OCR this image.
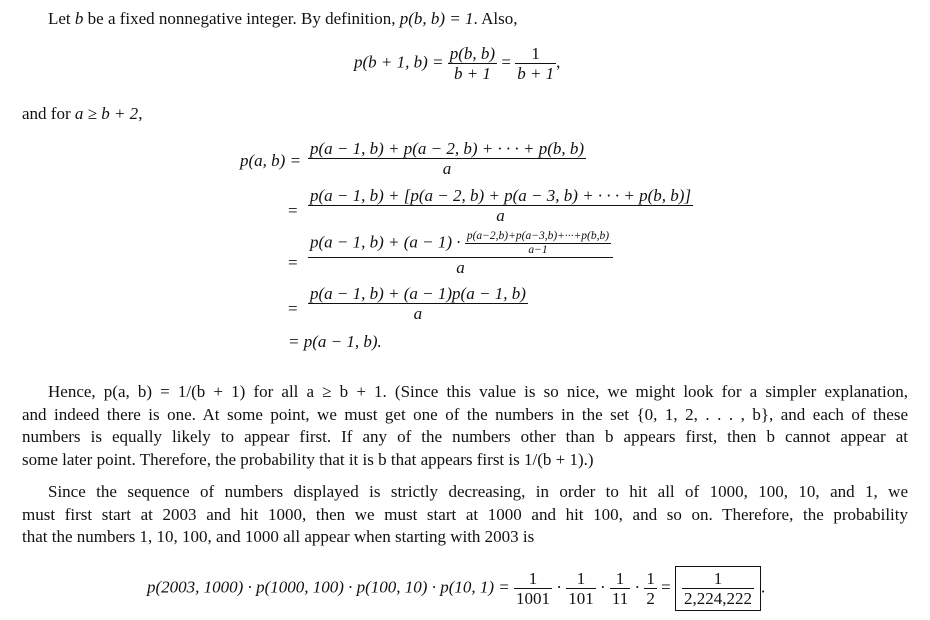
Let b be a fixed nonnegative integer. By definition, p(b, b) = 1. Also,
p(b + 1, $b) = \frac{p(b, b)}{b + 1} = \frac{1}{b + 1}$ ,
and for a ≥ b + 2,
p(a, $b) = \frac{p(a - 1, b) + p(a - 2, b) + \cdot \cdot \cdot + p(b, b)}{a}$
= $\frac{p(a - 1, b) + [p(a - 2, b) + p(a - 3, b) + \cdot \cdot \cdot + p(b, b)]}{a}$
=
p(a − 1, $b) + (a - 1) \cdot \frac{p(a-2,b)+p(a-3,b)+\cdot\cdot\cdot+p(b,b)}{a-1}$
a
= $\frac{p(a - 1, b) + (a - 1)p(a - 1, b)}{a}$
= p(a − 1, b).
Hence, p(a, b) = 1/(b + 1) for all a ≥ b + 1. (Since this value is so nice, we might look for a simpler explanation,
and indeed there is one. At some point, we must get one of the numbers in the set {0, 1, 2, . . . , b}, and each of these
numbers is equally likely to appear first. If any of the numbers other than b appears first, then b cannot appear at
some later point. Therefore, the probability that it is b that appears first is 1/(b + 1).)
Since the sequence of numbers displayed is strictly decreasing, in order to hit all of 1000, 100, 10, and 1, we
must first start at 2003 and hit 1000, then we must start at 1000 and hit 100, and so on. Therefore, the probability
that the numbers 1, 10, 100, and 1000 all appear when starting with 2003 is
p(2003, 1000) · p(1000, 100) · p(100, 10) · p(10, $1) = \frac{1}{1001} \cdot \frac{1}{101} \cdot \frac{1}{11} \cdot \frac{1}{2} = \frac{1}{2,224,222}$ .
